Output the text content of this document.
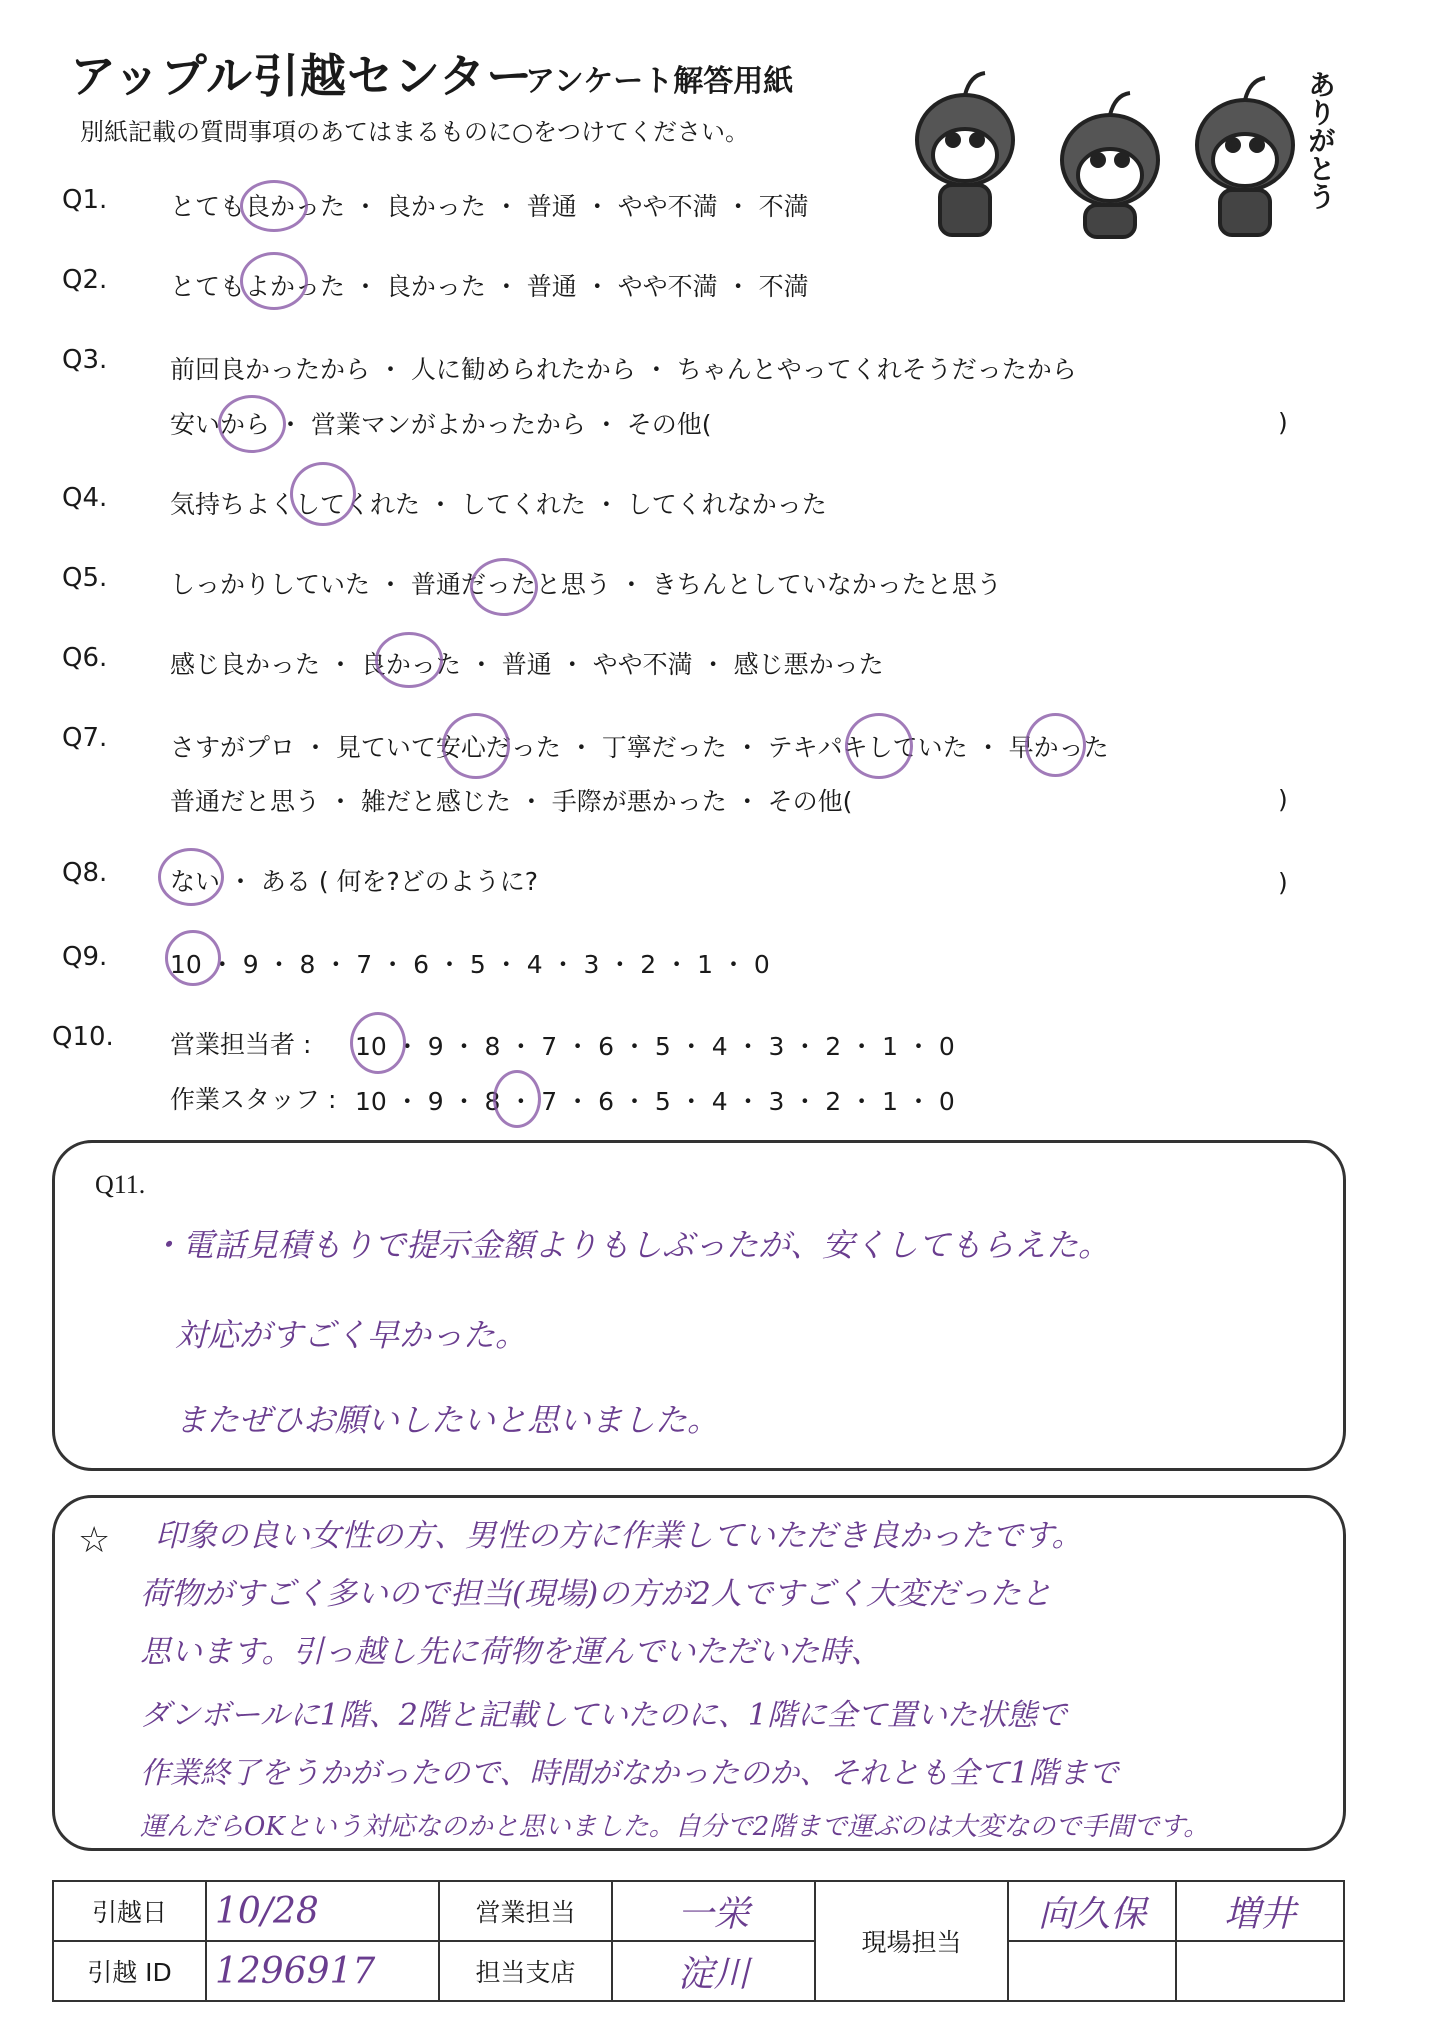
アップル引越センター
アンケート解答用紙
別紙記載の質問事項のあてはまるものに○をつけてください。	ありがとう
Q1.	とても良かった ・ 良かった ・ 普通 ・ やや不満 ・ 不満
Q2.	とてもよかった ・ 良かった ・ 普通 ・ やや不満 ・ 不満
Q3.	前回良かったから ・ 人に勧められたから ・ ちゃんとやってくれそうだったから
安いから ・ 営業マンがよかったから ・ その他(	)
Q4.	気持ちよくしてくれた ・ してくれた ・ してくれなかった
Q5.	しっかりしていた ・ 普通だったと思う ・ きちんとしていなかったと思う
Q6.	感じ良かった ・ 良かった ・ 普通 ・ やや不満 ・ 感じ悪かった
Q7.	さすがプロ ・ 見ていて安心だった ・ 丁寧だった ・ テキパキしていた ・ 早かった
普通だと思う ・ 雑だと感じた ・ 手際が悪かった ・ その他(	)
Q8.	ない ・ ある ( 何を?どのように?	)
Q9.	10 ・ 9 ・ 8 ・ 7 ・ 6 ・ 5 ・ 4 ・ 3 ・ 2 ・ 1 ・ 0
Q10. 営業担当者 : 10 ・ 9 ・ 8 ・ 7 ・ 6 ・ 5 ・ 4 ・ 3 ・ 2 ・ 1 ・ 0
作業スタッフ : 10 ・ 9 ・ 8 ・ 7 ・ 6 ・ 5 ・ 4 ・ 3 ・ 2 ・ 1 ・ 0
Q11.
・電話見積もりで提示金額よりもしぶったが、安くしてもらえた。
対応がすごく早かった。
またぜひお願いしたいと思いました。
☆ 印象の良い女性の方、男性の方に作業していただき良かったです。
荷物がすごく多いので担当(現場)の方が2人ですごく大変だったと
思います。引っ越し先に荷物を運んでいただいた時、
ダンボールに1階、2階と記載していたのに、1階に全て置いた状態で
作業終了をうかがったので、時間がなかったのか、それとも全て1階まで
運んだらOKという対応なのかと思いました。自分で2階まで運ぶのは大変なので手間です。
引越日	10/28	営業担当	一栄	現場担当	向久保	増井
引越 ID	1296917	担当支店	淀川			
